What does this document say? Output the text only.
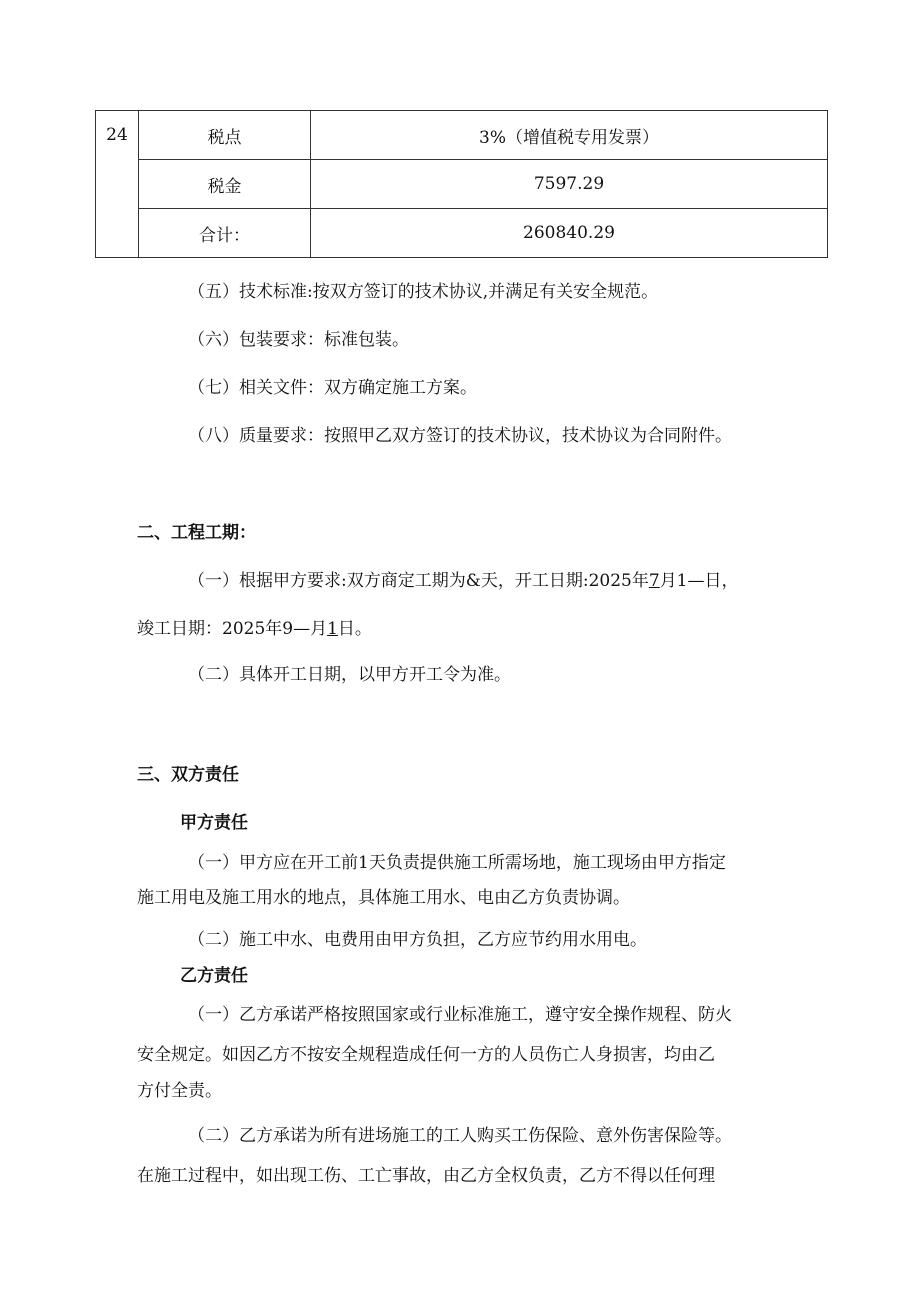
24	税点	3%（增值税专用发票）
	税金	7597.29
	合计：	260840.29
（五）技术标准:按双方签订的技术协议,并满足有关安全规范。
（六）包装要求：标准包装。
（七）相关文件：双方确定施工方案。
（八）质量要求：按照甲乙双方签订的技术协议，技术协议为合同附件。
二、工程工期：
（一）根据甲方要求:双方商定工期为&天，开工日期:2025年7月1—日，
竣工日期：2025年9—月1日。
（二）具体开工日期，以甲方开工令为准。
三、双方责任
甲方责任
（一）甲方应在开工前1天负责提供施工所需场地，施工现场由甲方指定
施工用电及施工用水的地点，具体施工用水、电由乙方负责协调。
（二）施工中水、电费用由甲方负担，乙方应节约用水用电。
乙方责任
（一）乙方承诺严格按照国家或行业标准施工，遵守安全操作规程、防火
安全规定。如因乙方不按安全规程造成任何一方的人员伤亡人身损害，均由乙
方付全责。
（二）乙方承诺为所有进场施工的工人购买工伤保险、意外伤害保险等。
在施工过程中，如出现工伤、工亡事故，由乙方全权负责，乙方不得以任何理
